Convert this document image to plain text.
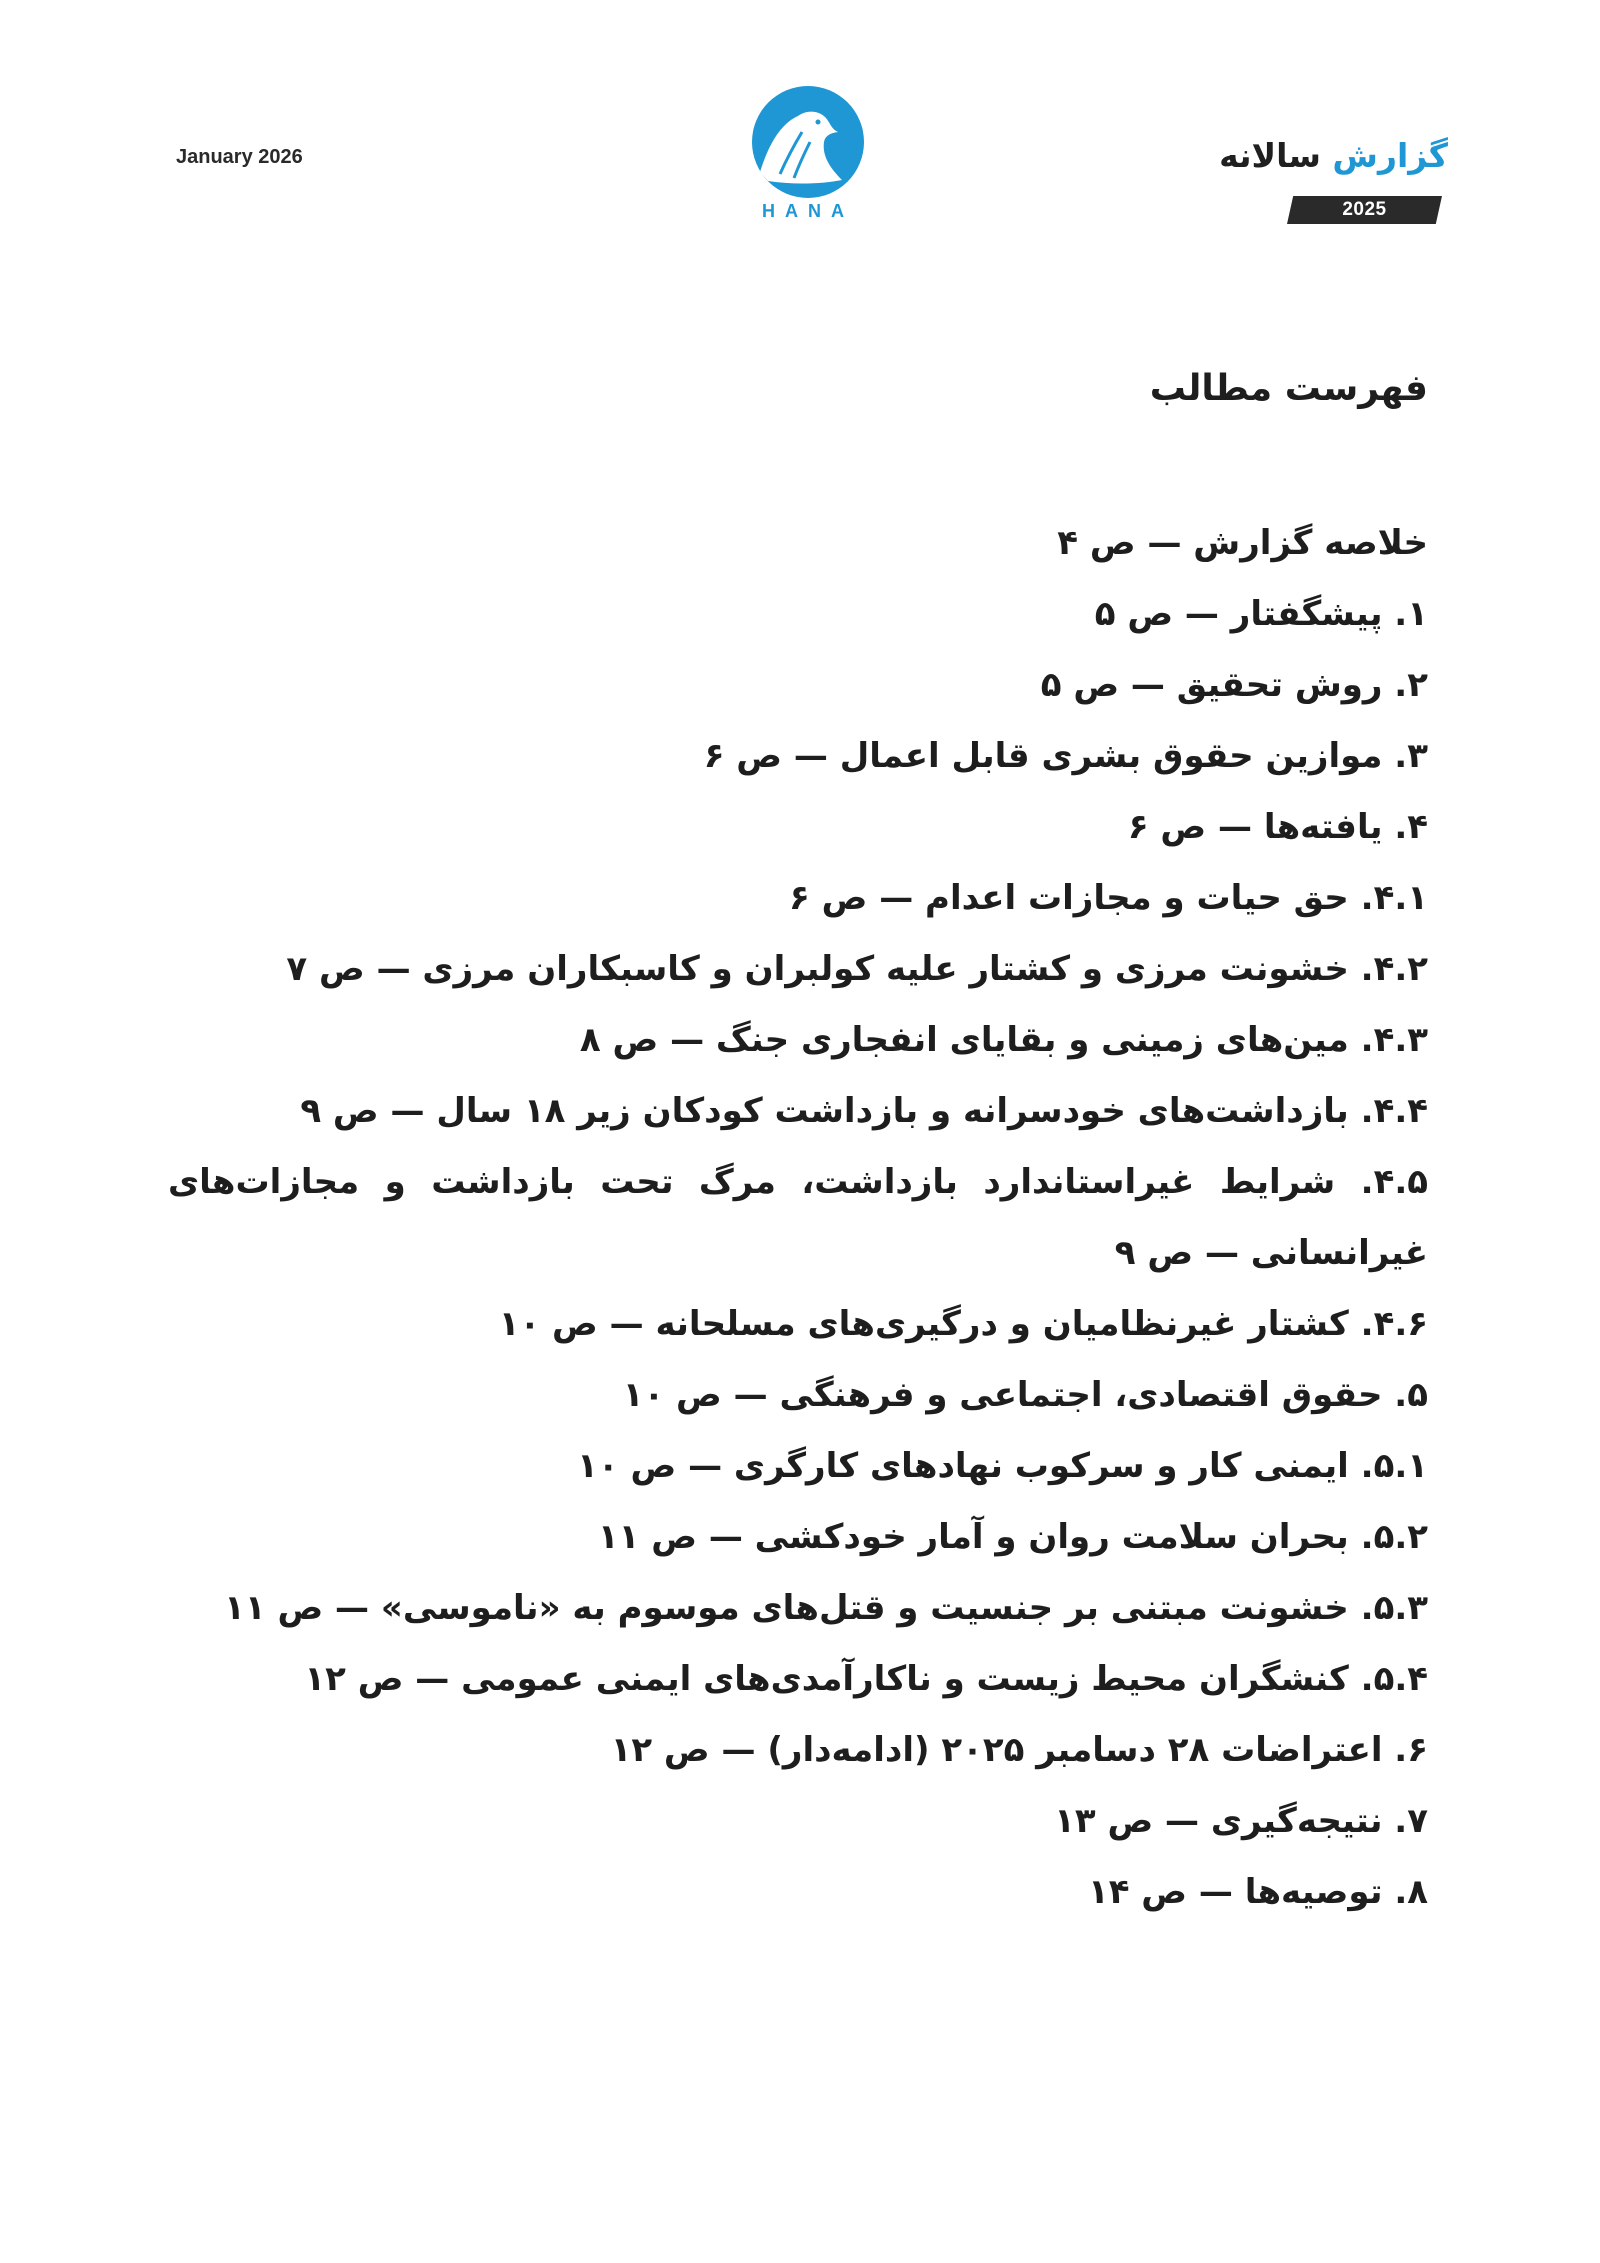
January 2026
HANA
گزارش سالانه
2025
فهرست مطالب
خلاصه گزارش — ص ۴
۱. پیشگفتار — ص ۵
۲. روش تحقیق — ص ۵
۳. موازین حقوق بشری قابل اعمال — ص ۶
۴. یافته‌ها — ص ۶
۴.۱. حق حیات و مجازات اعدام — ص ۶
۴.۲. خشونت مرزی و کشتار علیه کولبران و کاسبکاران مرزی — ص ۷
۴.۳. مین‌های زمینی و بقایای انفجاری جنگ — ص ۸
۴.۴. بازداشت‌های خودسرانه و بازداشت کودکان زیر ۱۸ سال — ص ۹
۴.۵. شرایط غیراستاندارد بازداشت، مرگ تحت بازداشت و مجازات‌های غیرانسانی — ص ۹
۴.۶. کشتار غیرنظامیان و درگیری‌های مسلحانه — ص ۱۰
۵. حقوق اقتصادی، اجتماعی و فرهنگی — ص ۱۰
۵.۱. ایمنی کار و سرکوب نهادهای کارگری — ص ۱۰
۵.۲. بحران سلامت روان و آمار خودکشی — ص ۱۱
۵.۳. خشونت مبتنی بر جنسیت و قتل‌های موسوم به «ناموسی» — ص ۱۱
۵.۴. کنشگران محیط زیست و ناکارآمدی‌های ایمنی عمومی — ص ۱۲
۶. اعتراضات ۲۸ دسامبر ۲۰۲۵ (ادامه‌دار) — ص ۱۲
۷. نتیجه‌گیری — ص ۱۳
۸. توصیه‌ها — ص ۱۴
